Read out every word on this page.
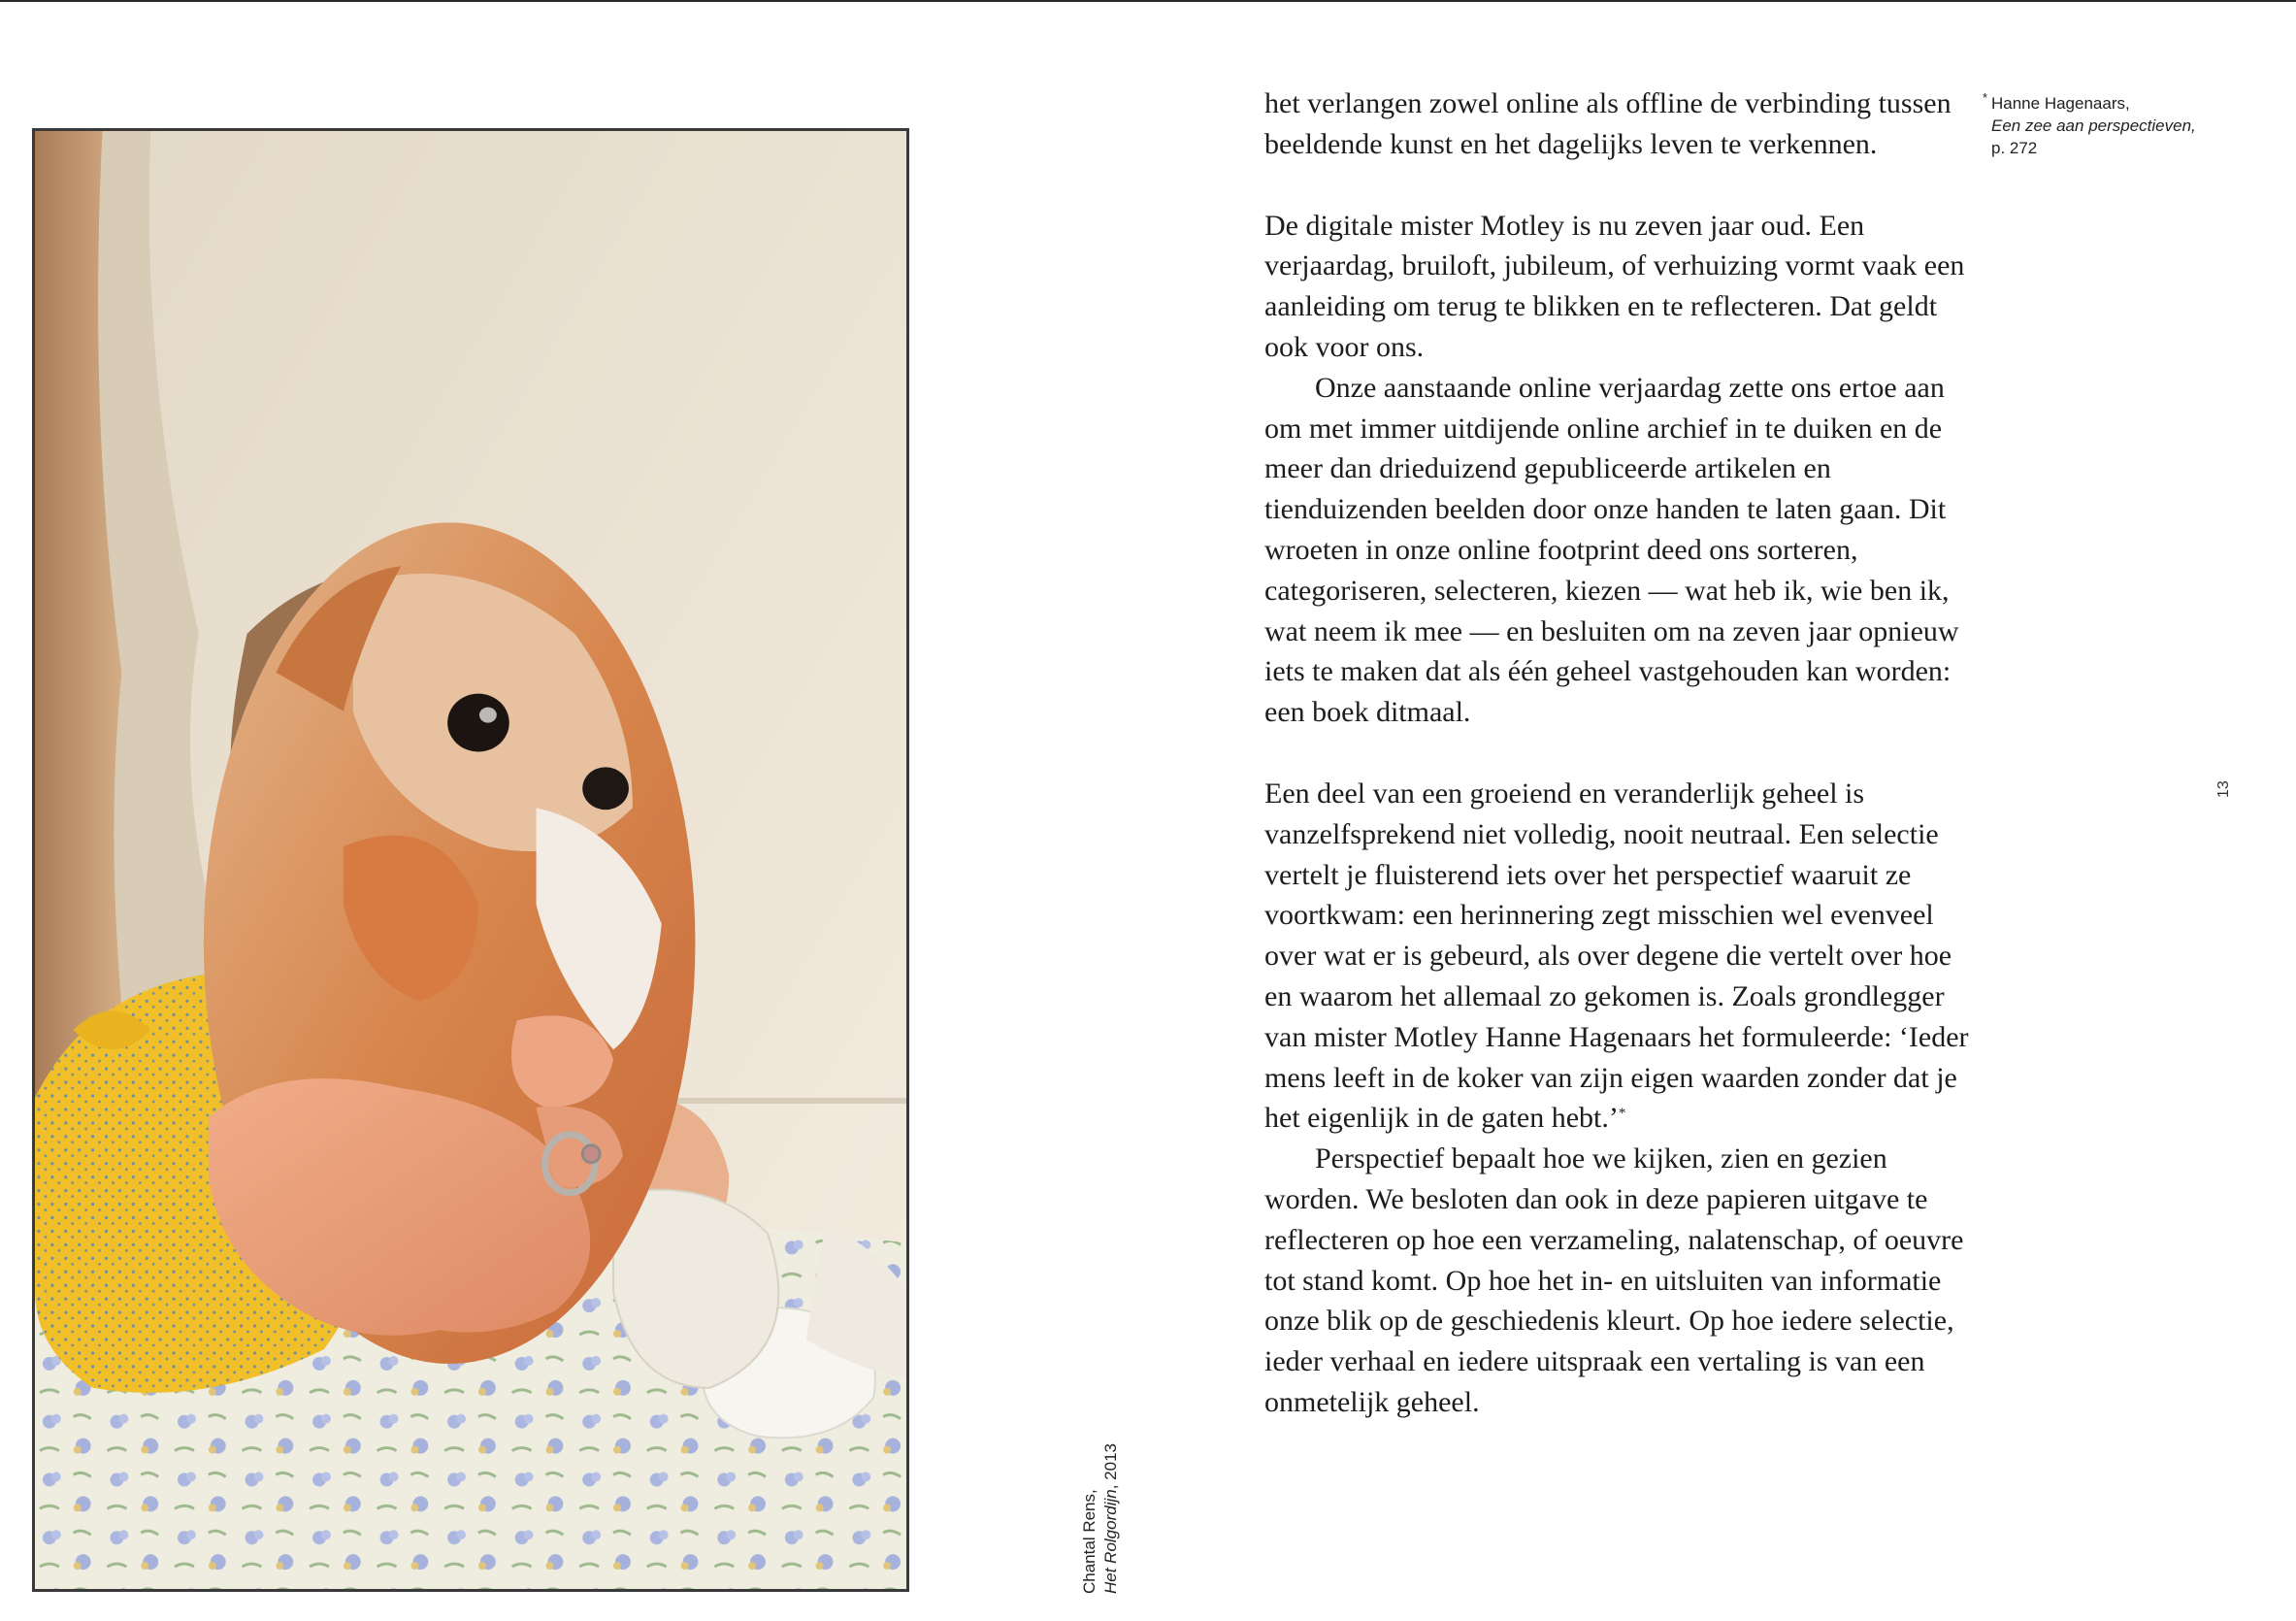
Chantal Rens, Het Rolgordijn, 2013

het verlangen zowel online als offline de verbinding tussen beeldende kunst en het dagelijks leven te verkennen.

De digitale mister Motley is nu zeven jaar oud. Een verjaardag, bruiloft, jubileum, of verhuizing vormt vaak een aanleiding om terug te blikken en te reflecteren. Dat geldt ook voor ons.

Onze aanstaande online verjaardag zette ons ertoe aan om met immer uitdijende online archief in te duiken en de meer dan drieduizend gepubliceerde artikelen en tienduizenden beelden door onze handen te laten gaan. Dit wroeten in onze online footprint deed ons sorteren, categoriseren, selecteren, kiezen — wat heb ik, wie ben ik, wat neem ik mee — en besluiten om na zeven jaar opnieuw iets te maken dat als één geheel vastgehouden kan worden: een boek ditmaal.

Een deel van een groeiend en veranderlijk geheel is vanzelfsprekend niet volledig, nooit neutraal. Een selectie vertelt je fluisterend iets over het perspectief waaruit ze voortkwam: een herinnering zegt misschien wel evenveel over wat er is gebeurd, als over degene die vertelt over hoe en waarom het allemaal zo gekomen is. Zoals grondlegger van mister Motley Hanne Hagenaars het formuleerde: ‘Ieder mens leeft in de koker van zijn eigen waarden zonder dat je het eigenlijk in de gaten hebt.’*

Perspectief bepaalt hoe we kijken, zien en gezien worden. We besloten dan ook in deze papieren uitgave te reflecteren op hoe een verzameling, nalatenschap, of oeuvre tot stand komt. Op hoe het in- en uitsluiten van informatie onze blik op de geschiedenis kleurt. Op hoe iedere selectie, ieder verhaal en iedere uitspraak een vertaling is van een onmetelijk geheel.

* Hanne Hagenaars,
Een zee aan perspectieven,
p. 272
13
